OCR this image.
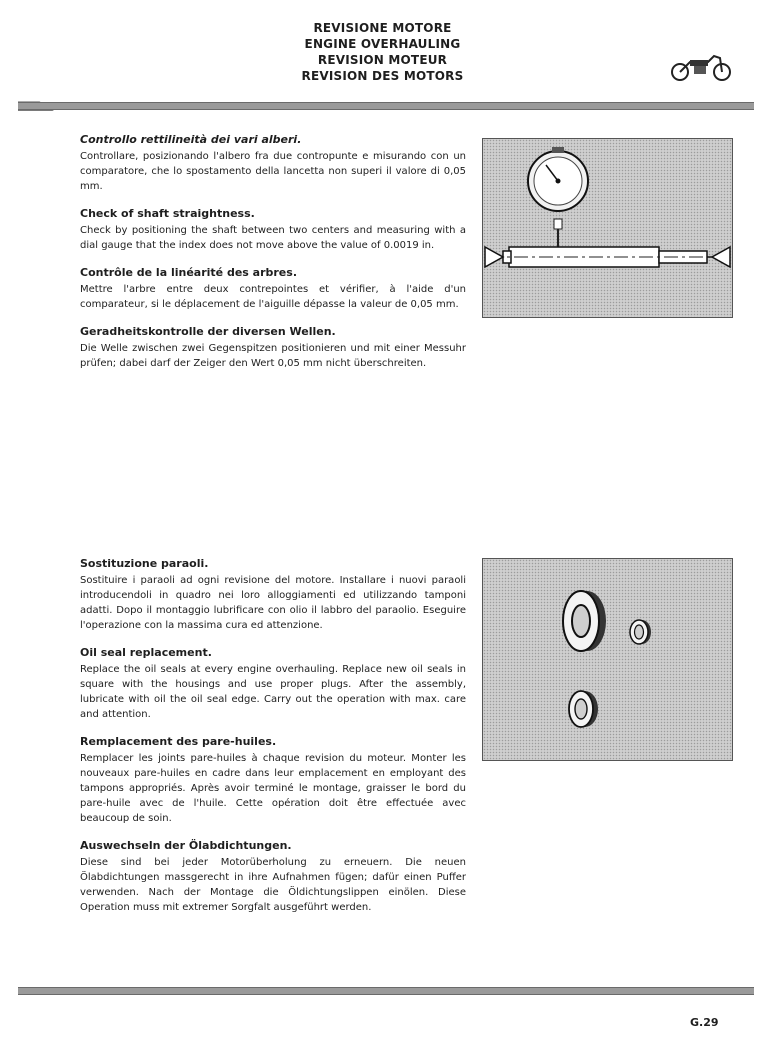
REVISIONE MOTORE
ENGINE OVERHAULING
REVISION MOTEUR
REVISION DES MOTORS

Controllo rettilineità dei vari alberi.

Controllare, posizionando l'albero fra due contropunte e misurando con un comparatore, che lo spostamento della lancetta non superi il valore di 0,05 mm.

Check of shaft straightness.

Check by positioning the shaft between two centers and measuring with a dial gauge that the index does not move above the value of 0.0019 in.

Contrôle de la linéarité des arbres.

Mettre l'arbre entre deux contrepointes et vérifier, à l'aide d'un comparateur, si le déplacement de l'aiguille dépasse la valeur de 0,05 mm.

Geradheitskontrolle der diversen Wellen.

Die Welle zwischen zwei Gegenspitzen positionieren und mit einer Messuhr prüfen; dabei darf der Zeiger den Wert 0,05 mm nicht überschreiten.

Sostituzione paraoli.

Sostituire i paraoli ad ogni revisione del motore. Installare i nuovi paraoli introducendoli in quadro nei loro alloggiamenti ed utilizzando tamponi adatti. Dopo il montaggio lubrificare con olio il labbro del paraolio. Eseguire l'operazione con la massima cura ed attenzione.

Oil seal replacement.

Replace the oil seals at every engine overhauling. Replace new oil seals in square with the housings and use proper plugs. After the assembly, lubricate with oil the oil seal edge. Carry out the operation with max. care and attention.

Remplacement des pare-huiles.

Remplacer les joints pare-huiles à chaque revision du moteur. Monter les nouveaux pare-huiles en cadre dans leur emplacement en employant des tampons appropriés. Après avoir terminé le montage, graisser le bord du pare-huile avec de l'huile. Cette opération doit être effectuée avec beaucoup de soin.

Auswechseln der Ölabdichtungen.

Diese sind bei jeder Motorüberholung zu erneuern. Die neuen Ölabdichtungen massgerecht in ihre Aufnahmen fügen; dafür einen Puffer verwenden. Nach der Montage die Öldichtungslippen einölen. Diese Operation muss mit extremer Sorgfalt ausgeführt werden.

G.29
